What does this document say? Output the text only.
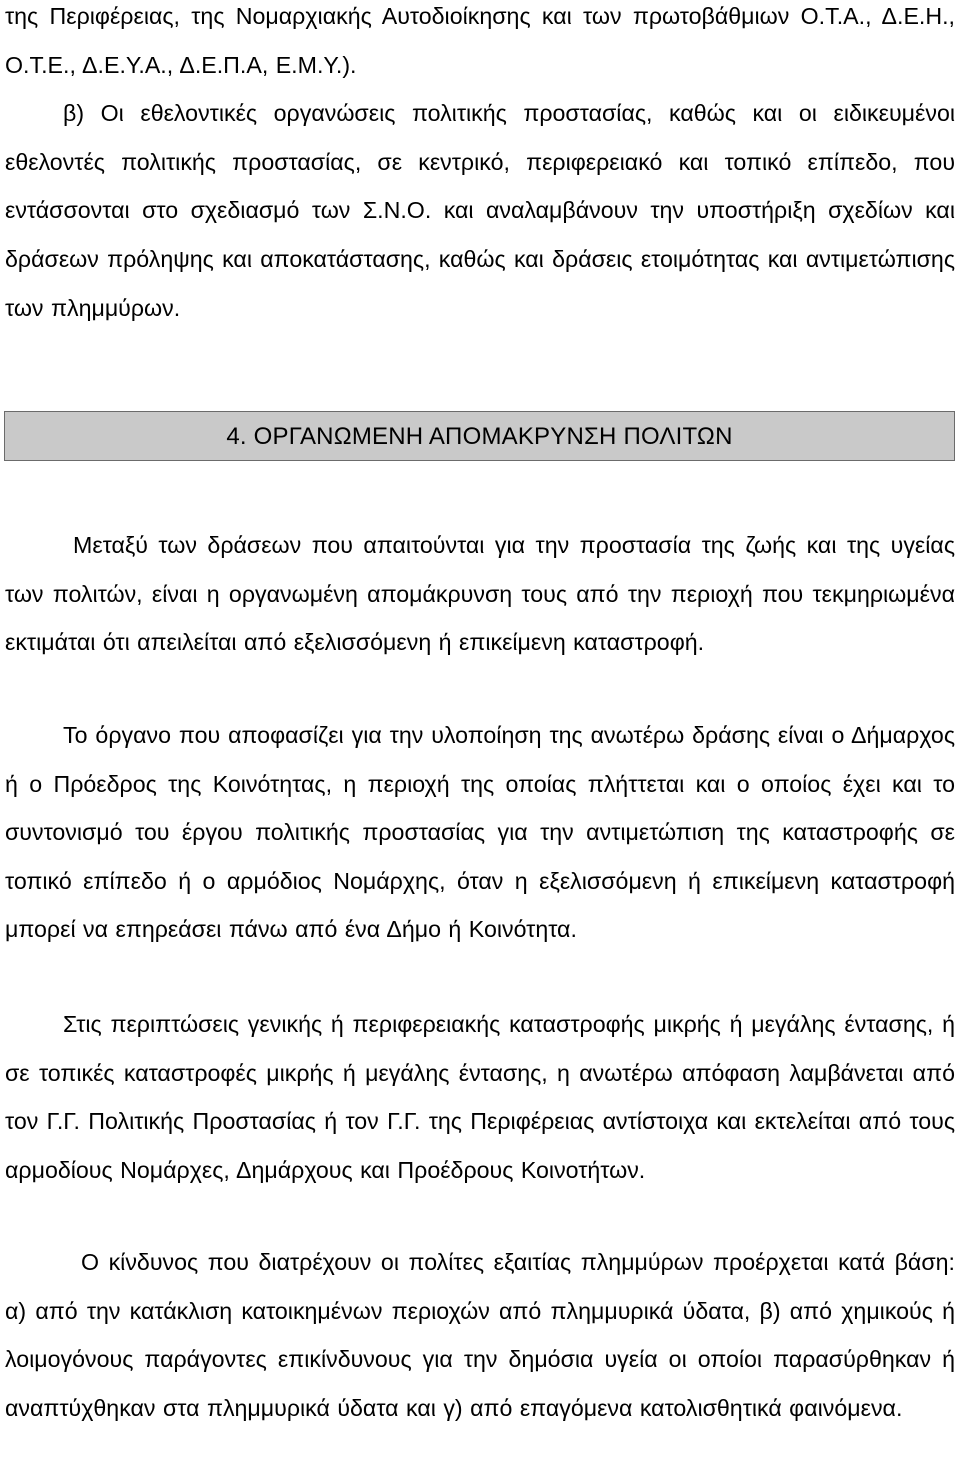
της Περιφέρειας, της Νομαρχιακής Αυτοδιοίκησης και των πρωτοβάθμιων Ο.Τ.Α., Δ.Ε.Η., Ο.Τ.Ε., Δ.Ε.Υ.Α., Δ.Ε.Π.Α, Ε.Μ.Υ.).

β) Οι εθελοντικές οργανώσεις πολιτικής προστασίας, καθώς και οι ειδικευμένοι εθελοντές πολιτικής προστασίας, σε κεντρικό, περιφερειακό και τοπικό επίπεδο, που εντάσσονται στο σχεδιασμό των Σ.Ν.Ο. και αναλαμβάνουν την υποστήριξη σχεδίων και δράσεων πρόληψης και αποκατάστασης, καθώς και δράσεις ετοιμότητας και αντιμετώπισης των πλημμύρων.

4. ΟΡΓΑΝΩΜΕΝΗ ΑΠΟΜΑΚΡΥΝΣΗ ΠΟΛΙΤΩΝ

Μεταξύ των δράσεων που απαιτούνται για την προστασία της ζωής και της υγείας των πολιτών, είναι η οργανωμένη απομάκρυνση τους από την περιοχή που τεκμηριωμένα εκτιμάται ότι απειλείται από εξελισσόμενη ή επικείμενη καταστροφή.

Το όργανο που αποφασίζει για την υλοποίηση της ανωτέρω δράσης είναι ο Δήμαρχος ή ο Πρόεδρος της Κοινότητας, η περιοχή της οποίας πλήττεται και ο οποίος έχει και το συντονισμό του έργου πολιτικής προστασίας για την αντιμετώπιση της καταστροφής σε τοπικό επίπεδο ή ο αρμόδιος Νομάρχης, όταν η εξελισσόμενη ή επικείμενη καταστροφή μπορεί να επηρεάσει πάνω από ένα Δήμο ή Κοινότητα.

Στις περιπτώσεις γενικής ή περιφερειακής καταστροφής μικρής ή μεγάλης έντασης, ή σε τοπικές καταστροφές μικρής ή μεγάλης έντασης, η ανωτέρω απόφαση λαμβάνεται από τον Γ.Γ. Πολιτικής Προστασίας ή τον Γ.Γ. της Περιφέρειας αντίστοιχα και εκτελείται από τους αρμοδίους Νομάρχες, Δημάρχους και Προέδρους Κοινοτήτων.

Ο κίνδυνος που διατρέχουν οι πολίτες εξαιτίας πλημμύρων προέρχεται κατά βάση: α) από την κατάκλιση κατοικημένων περιοχών από πλημμυρικά ύδατα, β) από χημικούς ή λοιμογόνους παράγοντες επικίνδυνους για την δημόσια υγεία οι οποίοι παρασύρθηκαν ή αναπτύχθηκαν στα πλημμυρικά ύδατα και γ) από επαγόμενα κατολισθητικά φαινόμενα.
